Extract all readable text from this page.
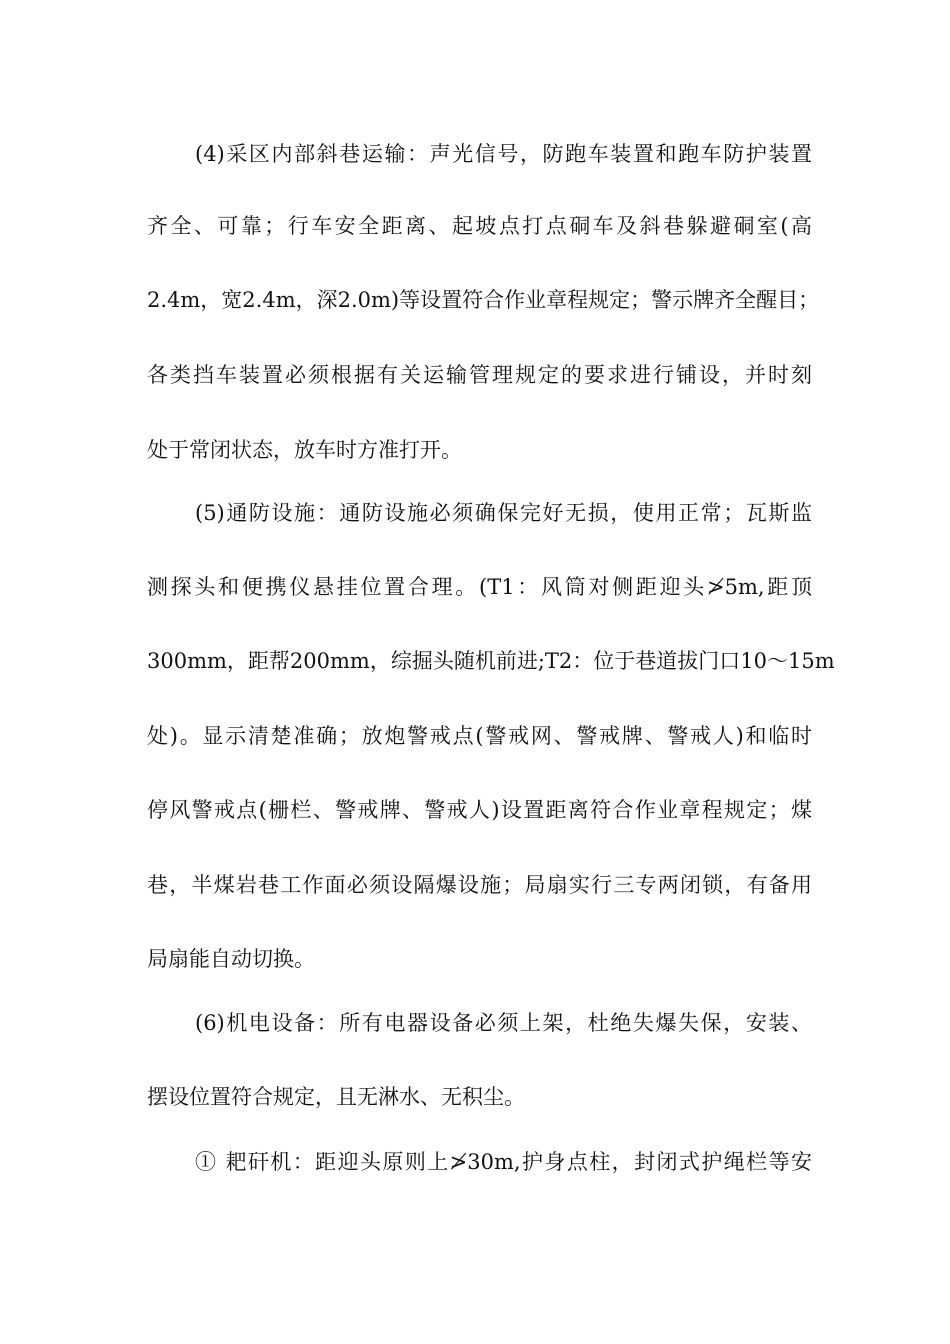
(4)采区内部斜巷运输：声光信号，防跑车装置和跑车防护装置
齐全、可靠；行车安全距离、起坡点打点硐车及斜巷躲避硐室(高
2.4m，宽2.4m，深2.0m)等设置符合作业章程规定；警示牌齐全醒目；
各类挡车装置必须根据有关运输管理规定的要求进行铺设，并时刻
处于常闭状态，放车时方准打开。
(5)通防设施：通防设施必须确保完好无损，使用正常；瓦斯监
测探头和便携仪悬挂位置合理。(T1：风筒对侧距迎头≯5m,距顶
300mm，距帮200mm，综掘头随机前进;T2：位于巷道拔门口10～15m
处)。显示清楚准确；放炮警戒点(警戒网、警戒牌、警戒人)和临时
停风警戒点(栅栏、警戒牌、警戒人)设置距离符合作业章程规定；煤
巷，半煤岩巷工作面必须设隔爆设施；局扇实行三专两闭锁，有备用
局扇能自动切换。
(6)机电设备：所有电器设备必须上架，杜绝失爆失保，安装、
摆设位置符合规定，且无淋水、无积尘。
① 耙矸机：距迎头原则上≯30m,护身点柱，封闭式护绳栏等安
